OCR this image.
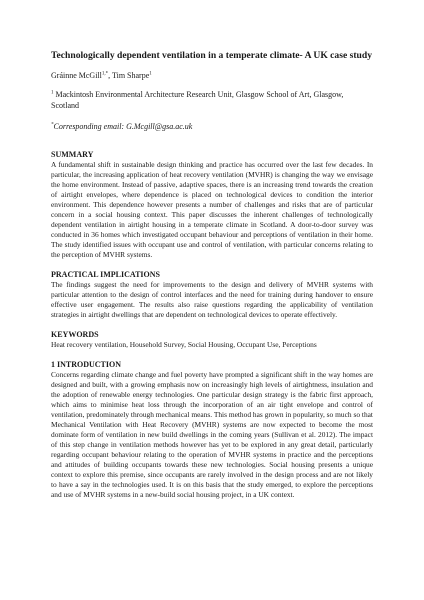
Technologically dependent ventilation in a temperate climate- A UK case study

Gráinne McGill$^{1,*}$, Tim Sharpe$^1$
$^1$ Mackintosh Environmental Architecture Research Unit, Glasgow School of Art, Glasgow, Scotland
*Corresponding email: G.Mcgill@gsa.ac.uk
SUMMARY

A fundamental shift in sustainable design thinking and practice has occurred over the last few decades. In particular, the increasing application of heat recovery ventilation (MVHR) is changing the way we envisage the home environment. Instead of passive, adaptive spaces, there is an increasing trend towards the creation of airtight envelopes, where dependence is placed on technological devices to condition the interior environment. This dependence however presents a number of challenges and risks that are of particular concern in a social housing context. This paper discusses the inherent challenges of technologically dependent ventilation in airtight housing in a temperate climate in Scotland. A door-to-door survey was conducted in 36 homes which investigated occupant behaviour and perceptions of ventilation in their home. The study identified issues with occupant use and control of ventilation, with particular concerns relating to the perception of MVHR systems.

PRACTICAL IMPLICATIONS

The findings suggest the need for improvements to the design and delivery of MVHR systems with particular attention to the design of control interfaces and the need for training during handover to ensure effective user engagement. The results also raise questions regarding the applicability of ventilation strategies in airtight dwellings that are dependent on technological devices to operate effectively.

KEYWORDS

Heat recovery ventilation, Household Survey, Social Housing, Occupant Use, Perceptions

1 INTRODUCTION

Concerns regarding climate change and fuel poverty have prompted a significant shift in the way homes are designed and built, with a growing emphasis now on increasingly high levels of airtightness, insulation and the adoption of renewable energy technologies. One particular design strategy is the fabric first approach, which aims to minimise heat loss through the incorporation of an air tight envelope and control of ventilation, predominately through mechanical means. This method has grown in popularity, so much so that Mechanical Ventilation with Heat Recovery (MVHR) systems are now expected to become the most dominate form of ventilation in new build dwellings in the coming years (Sullivan et al. 2012). The impact of this step change in ventilation methods however has yet to be explored in any great detail, particularly regarding occupant behaviour relating to the operation of MVHR systems in practice and the perceptions and attitudes of building occupants towards these new technologies. Social housing presents a unique context to explore this premise, since occupants are rarely involved in the design process and are not likely to have a say in the technologies used. It is on this basis that the study emerged, to explore the perceptions and use of MVHR systems in a new-build social housing project, in a UK context.
